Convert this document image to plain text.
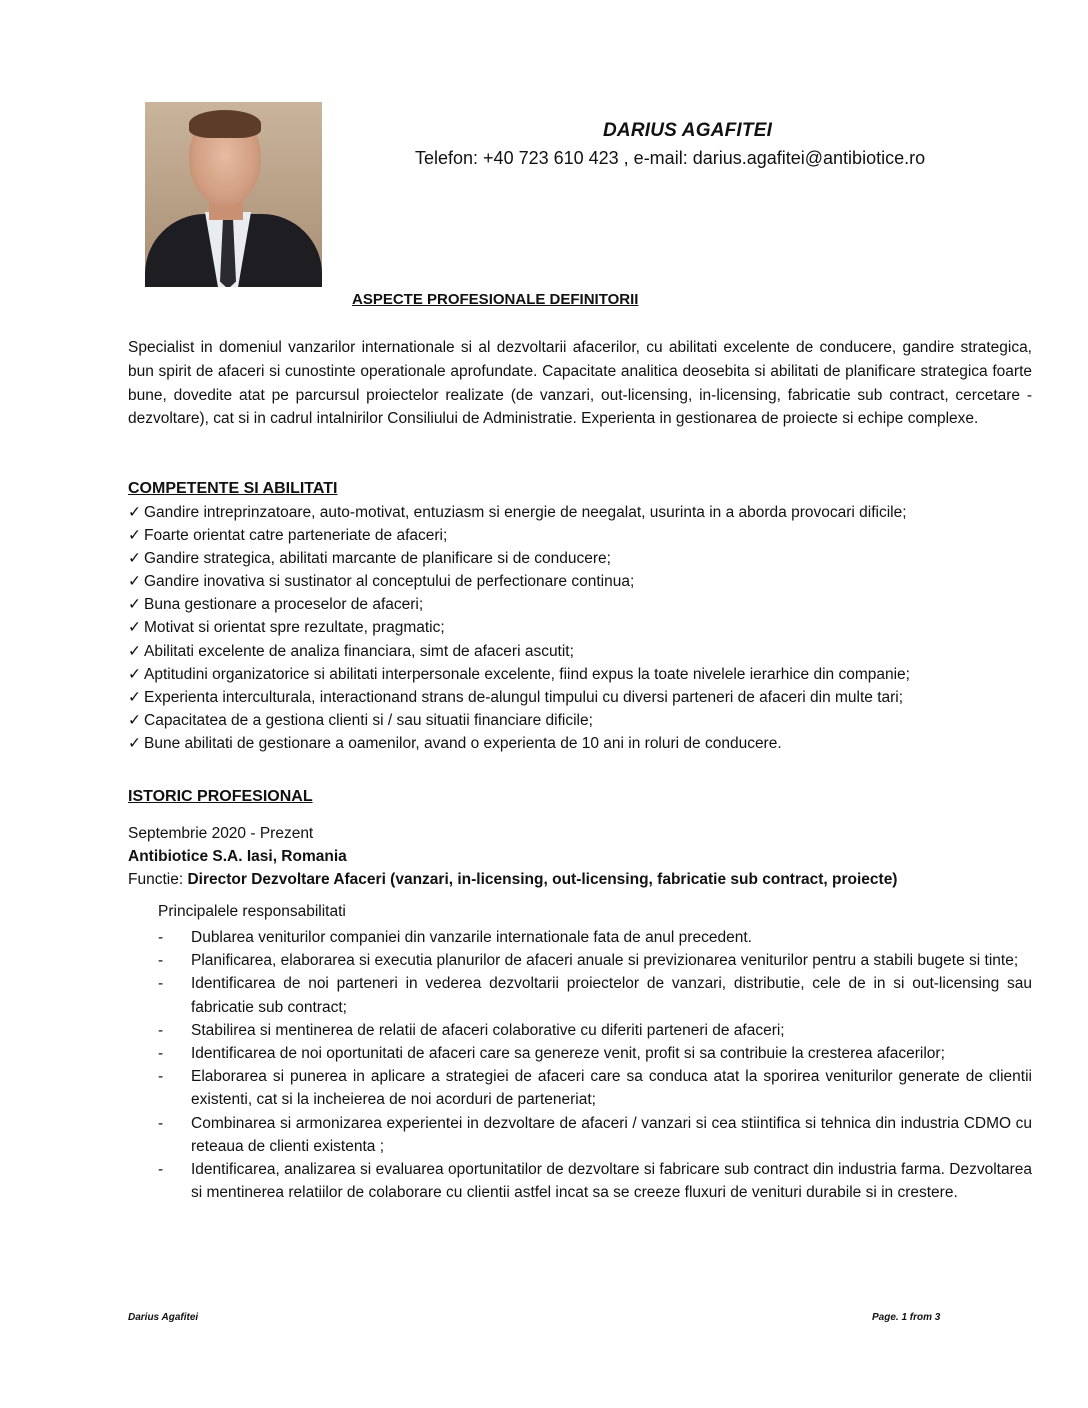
DARIUS AGAFITEI

Telefon: +40 723 610 423 , e-mail: darius.agafitei@antibiotice.ro

ASPECTE PROFESIONALE DEFINITORII

Specialist in domeniul vanzarilor internationale si al dezvoltarii afacerilor, cu abilitati excelente de conducere, gandire strategica, bun spirit de afaceri si cunostinte operationale aprofundate. Capacitate analitica deosebita si abilitati de planificare strategica foarte bune, dovedite atat pe parcursul proiectelor realizate (de vanzari, out-licensing, in-licensing, fabricatie sub contract, cercetare - dezvoltare), cat si in cadrul intalnirilor Consiliului de Administratie. Experienta in gestionarea de proiecte si echipe complexe.

COMPETENTE SI ABILITATI

✓ Gandire intreprinzatoare, auto-motivat, entuziasm si energie de neegalat, usurinta in a aborda provocari dificile;
✓ Foarte orientat catre parteneriate de afaceri;
✓ Gandire strategica, abilitati marcante de planificare si de conducere;
✓ Gandire inovativa si sustinator al conceptului de perfectionare continua;
✓ Buna gestionare a proceselor de afaceri;
✓ Motivat si orientat spre rezultate, pragmatic;
✓ Abilitati excelente de analiza financiara, simt de afaceri ascutit;
✓ Aptitudini organizatorice si abilitati interpersonale excelente, fiind expus la toate nivelele ierarhice din companie;
✓ Experienta interculturala, interactionand strans de-alungul timpului cu diversi parteneri de afaceri din multe tari;
✓ Capacitatea de a gestiona clienti si / sau situatii financiare dificile;
✓ Bune abilitati de gestionare a oamenilor, avand o experienta de 10 ani in roluri de conducere.

ISTORIC PROFESIONAL

Septembrie 2020 - Prezent

Antibiotice S.A. Iasi, Romania

Functie: Director Dezvoltare Afaceri (vanzari, in-licensing, out-licensing, fabricatie sub contract, proiecte)

Principalele responsabilitati

- Dublarea veniturilor companiei din vanzarile internationale fata de anul precedent.
- Planificarea, elaborarea si executia planurilor de afaceri anuale si previzionarea veniturilor pentru a stabili bugete si tinte;
- Identificarea de noi parteneri in vederea dezvoltarii proiectelor de vanzari, distributie, cele de in si out-licensing sau fabricatie sub contract;
- Stabilirea si mentinerea de relatii de afaceri colaborative cu diferiti parteneri de afaceri;
- Identificarea de noi oportunitati de afaceri care sa genereze venit, profit si sa contribuie la cresterea afacerilor;
- Elaborarea si punerea in aplicare a strategiei de afaceri care sa conduca atat la sporirea veniturilor generate de clientii existenti, cat si la incheierea de noi acorduri de parteneriat;
- Combinarea si armonizarea experientei in dezvoltare de afaceri / vanzari si cea stiintifica si tehnica din industria CDMO cu reteaua de clienti existenta ;
- Identificarea, analizarea si evaluarea oportunitatilor de dezvoltare si fabricare sub contract din industria farma. Dezvoltarea si mentinerea relatiilor de colaborare cu clientii astfel incat sa se creeze fluxuri de venituri durabile si in crestere.

Darius Agafitei	Page. 1 from 3
